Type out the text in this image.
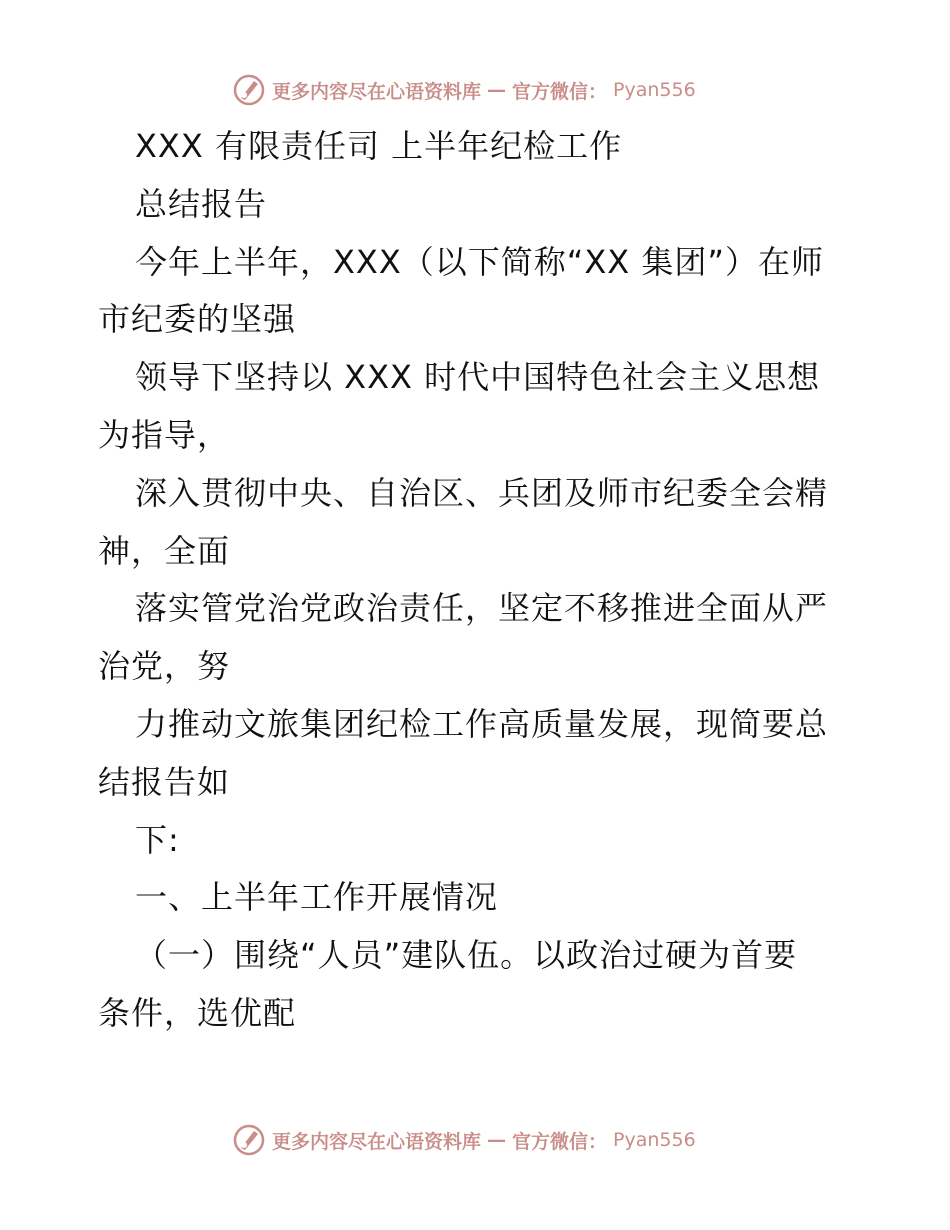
更多内容尽在心语资料库 — 官方微信： Pyan556
XXX 有限责任司 上半年纪检工作
总结报告
今年上半年，XXX（以下简称“XX 集团”）在师
市纪委的坚强
领导下坚持以 XXX 时代中国特色社会主义思想
为指导，
深入贯彻中央、自治区、兵团及师市纪委全会精
神，全面
落实管党治党政治责任，坚定不移推进全面从严
治党，努
力推动文旅集团纪检工作高质量发展，现简要总
结报告如
下:
一、上半年工作开展情况
（一）围绕“人员”建队伍。以政治过硬为首要
条件，选优配
更多内容尽在心语资料库 — 官方微信： Pyan556
